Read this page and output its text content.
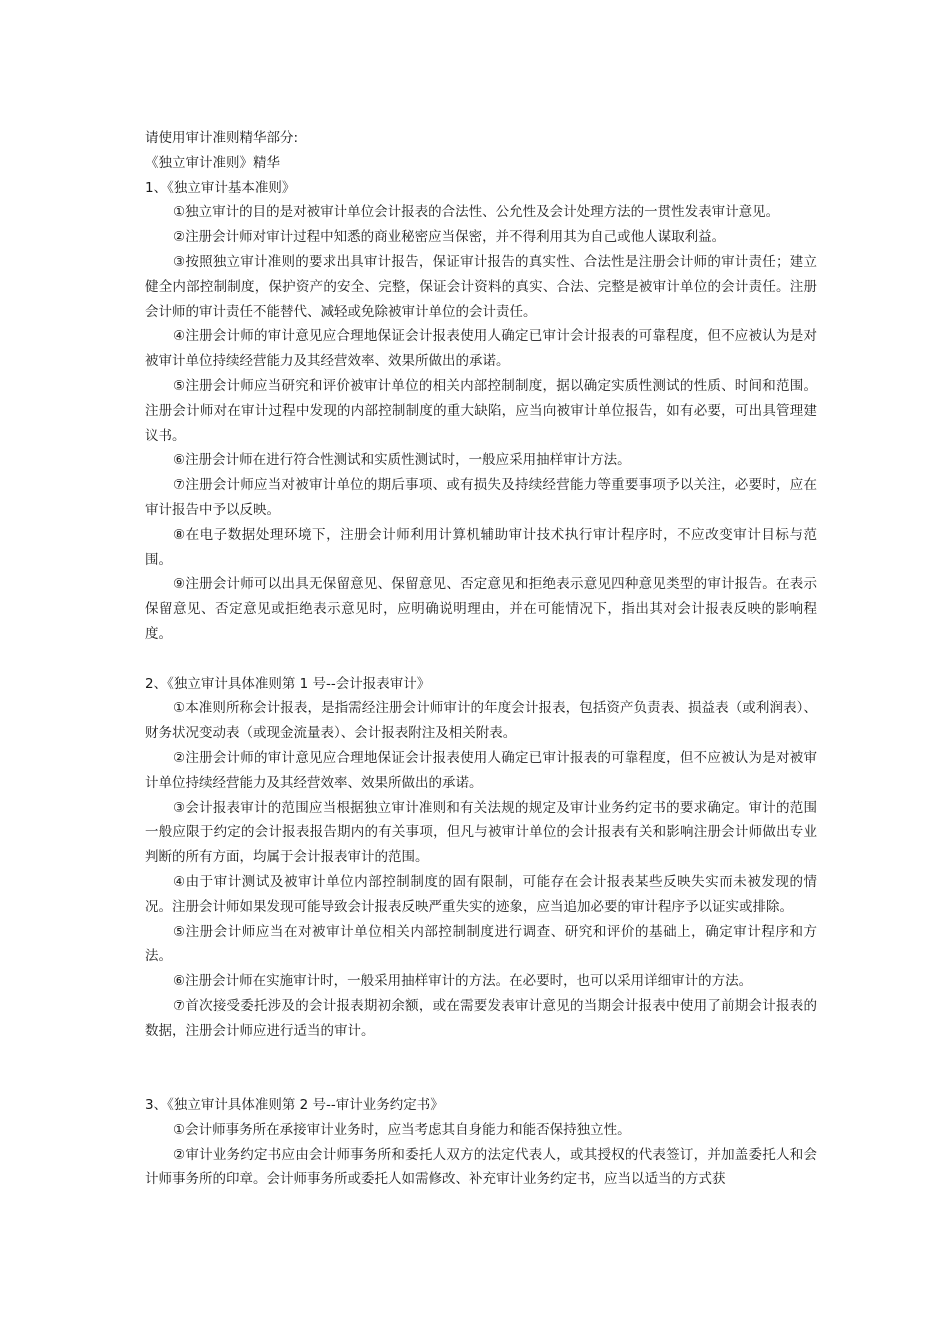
请使用审计准则精华部分:
《独立审计准则》精华
1、《独立审计基本准则》

①独立审计的目的是对被审计单位会计报表的合法性、公允性及会计处理方法的一贯性发表审计意见。

②注册会计师对审计过程中知悉的商业秘密应当保密，并不得利用其为自己或他人谋取利益。

③按照独立审计准则的要求出具审计报告，保证审计报告的真实性、合法性是注册会计师的审计责任；建立健全内部控制制度，保护资产的安全、完整，保证会计资料的真实、合法、完整是被审计单位的会计责任。注册会计师的审计责任不能替代、减轻或免除被审计单位的会计责任。

④注册会计师的审计意见应合理地保证会计报表使用人确定已审计会计报表的可靠程度，但不应被认为是对被审计单位持续经营能力及其经营效率、效果所做出的承诺。

⑤注册会计师应当研究和评价被审计单位的相关内部控制制度，据以确定实质性测试的性质、时间和范围。注册会计师对在审计过程中发现的内部控制制度的重大缺陷，应当向被审计单位报告，如有必要，可出具管理建议书。

⑥注册会计师在进行符合性测试和实质性测试时，一般应采用抽样审计方法。

⑦注册会计师应当对被审计单位的期后事项、或有损失及持续经营能力等重要事项予以关注，必要时，应在审计报告中予以反映。

⑧在电子数据处理环境下，注册会计师利用计算机辅助审计技术执行审计程序时，不应改变审计目标与范围。

⑨注册会计师可以出具无保留意见、保留意见、否定意见和拒绝表示意见四种意见类型的审计报告。在表示保留意见、否定意见或拒绝表示意见时，应明确说明理由，并在可能情况下，指出其对会计报表反映的影响程度。

2、《独立审计具体准则第 1 号--会计报表审计》

①本准则所称会计报表，是指需经注册会计师审计的年度会计报表，包括资产负责表、损益表（或利润表）、财务状况变动表（或现金流量表）、会计报表附注及相关附表。

②注册会计师的审计意见应合理地保证会计报表使用人确定已审计报表的可靠程度，但不应被认为是对被审计单位持续经营能力及其经营效率、效果所做出的承诺。

③会计报表审计的范围应当根据独立审计准则和有关法规的规定及审计业务约定书的要求确定。审计的范围一般应限于约定的会计报表报告期内的有关事项，但凡与被审计单位的会计报表有关和影响注册会计师做出专业判断的所有方面，均属于会计报表审计的范围。

④由于审计测试及被审计单位内部控制制度的固有限制，可能存在会计报表某些反映失实而未被发现的情况。注册会计师如果发现可能导致会计报表反映严重失实的迹象，应当追加必要的审计程序予以证实或排除。

⑤注册会计师应当在对被审计单位相关内部控制制度进行调查、研究和评价的基础上，确定审计程序和方法。

⑥注册会计师在实施审计时，一般采用抽样审计的方法。在必要时，也可以采用详细审计的方法。

⑦首次接受委托涉及的会计报表期初余额，或在需要发表审计意见的当期会计报表中使用了前期会计报表的数据，注册会计师应进行适当的审计。

3、《独立审计具体准则第 2 号--审计业务约定书》

①会计师事务所在承接审计业务时，应当考虑其自身能力和能否保持独立性。

②审计业务约定书应由会计师事务所和委托人双方的法定代表人，或其授权的代表签订，并加盖委托人和会计师事务所的印章。会计师事务所或委托人如需修改、补充审计业务约定书，应当以适当的方式获
